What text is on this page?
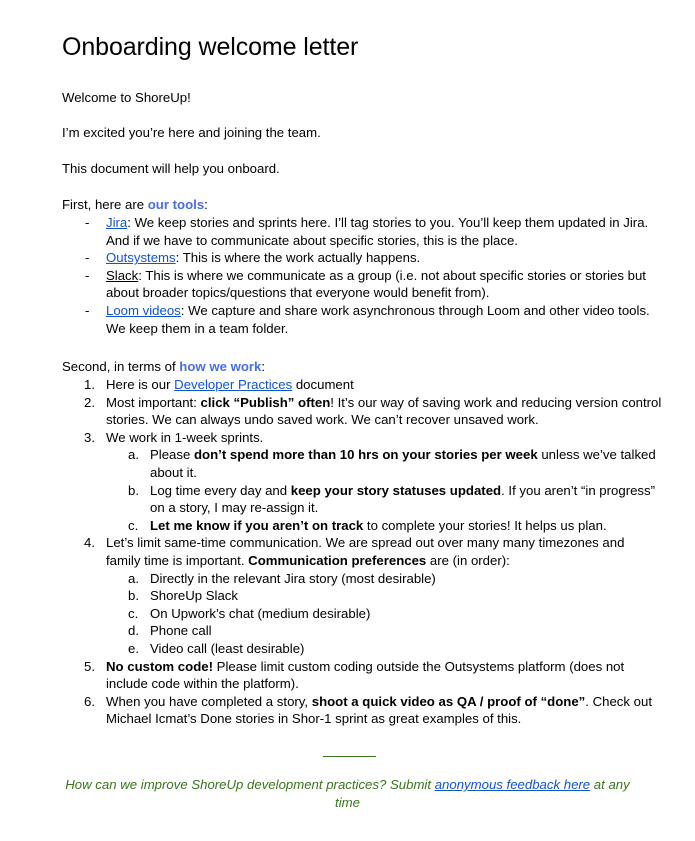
Onboarding welcome letter

Welcome to ShoreUp!

I’m excited you’re here and joining the team.

This document will help you onboard.

First, here are our tools:

- Jira: We keep stories and sprints here. I’ll tag stories to you. You’ll keep them updated in Jira. And if we have to communicate about specific stories, this is the place.
- Outsystems: This is where the work actually happens.
- Slack: This is where we communicate as a group (i.e. not about specific stories or stories but about broader topics/questions that everyone would benefit from).
- Loom videos: We capture and share work asynchronous through Loom and other video tools. We keep them in a team folder.

Second, in terms of how we work:

1. Here is our Developer Practices document
2. Most important: click “Publish” often! It’s our way of saving work and reducing version control stories. We can always undo saved work. We can’t recover unsaved work.
3. We work in 1-week sprints.
a. Please don’t spend more than 10 hrs on your stories per week unless we’ve talked about it.
b. Log time every day and keep your story statuses updated. If you aren’t “in progress” on a story, I may re-assign it.
c. Let me know if you aren’t on track to complete your stories! It helps us plan.
4. Let’s limit same-time communication. We are spread out over many many timezones and family time is important. Communication preferences are (in order):
a. Directly in the relevant Jira story (most desirable)
b. ShoreUp Slack
c. On Upwork’s chat (medium desirable)
d. Phone call
e. Video call (least desirable)
5. No custom code! Please limit custom coding outside the Outsystems platform (does not include code within the platform).
6. When you have completed a story, shoot a quick video as QA / proof of “done”. Check out Michael Icmat’s Done stories in Shor-1 sprint as great examples of this.

How can we improve ShoreUp development practices? Submit anonymous feedback here at any time
